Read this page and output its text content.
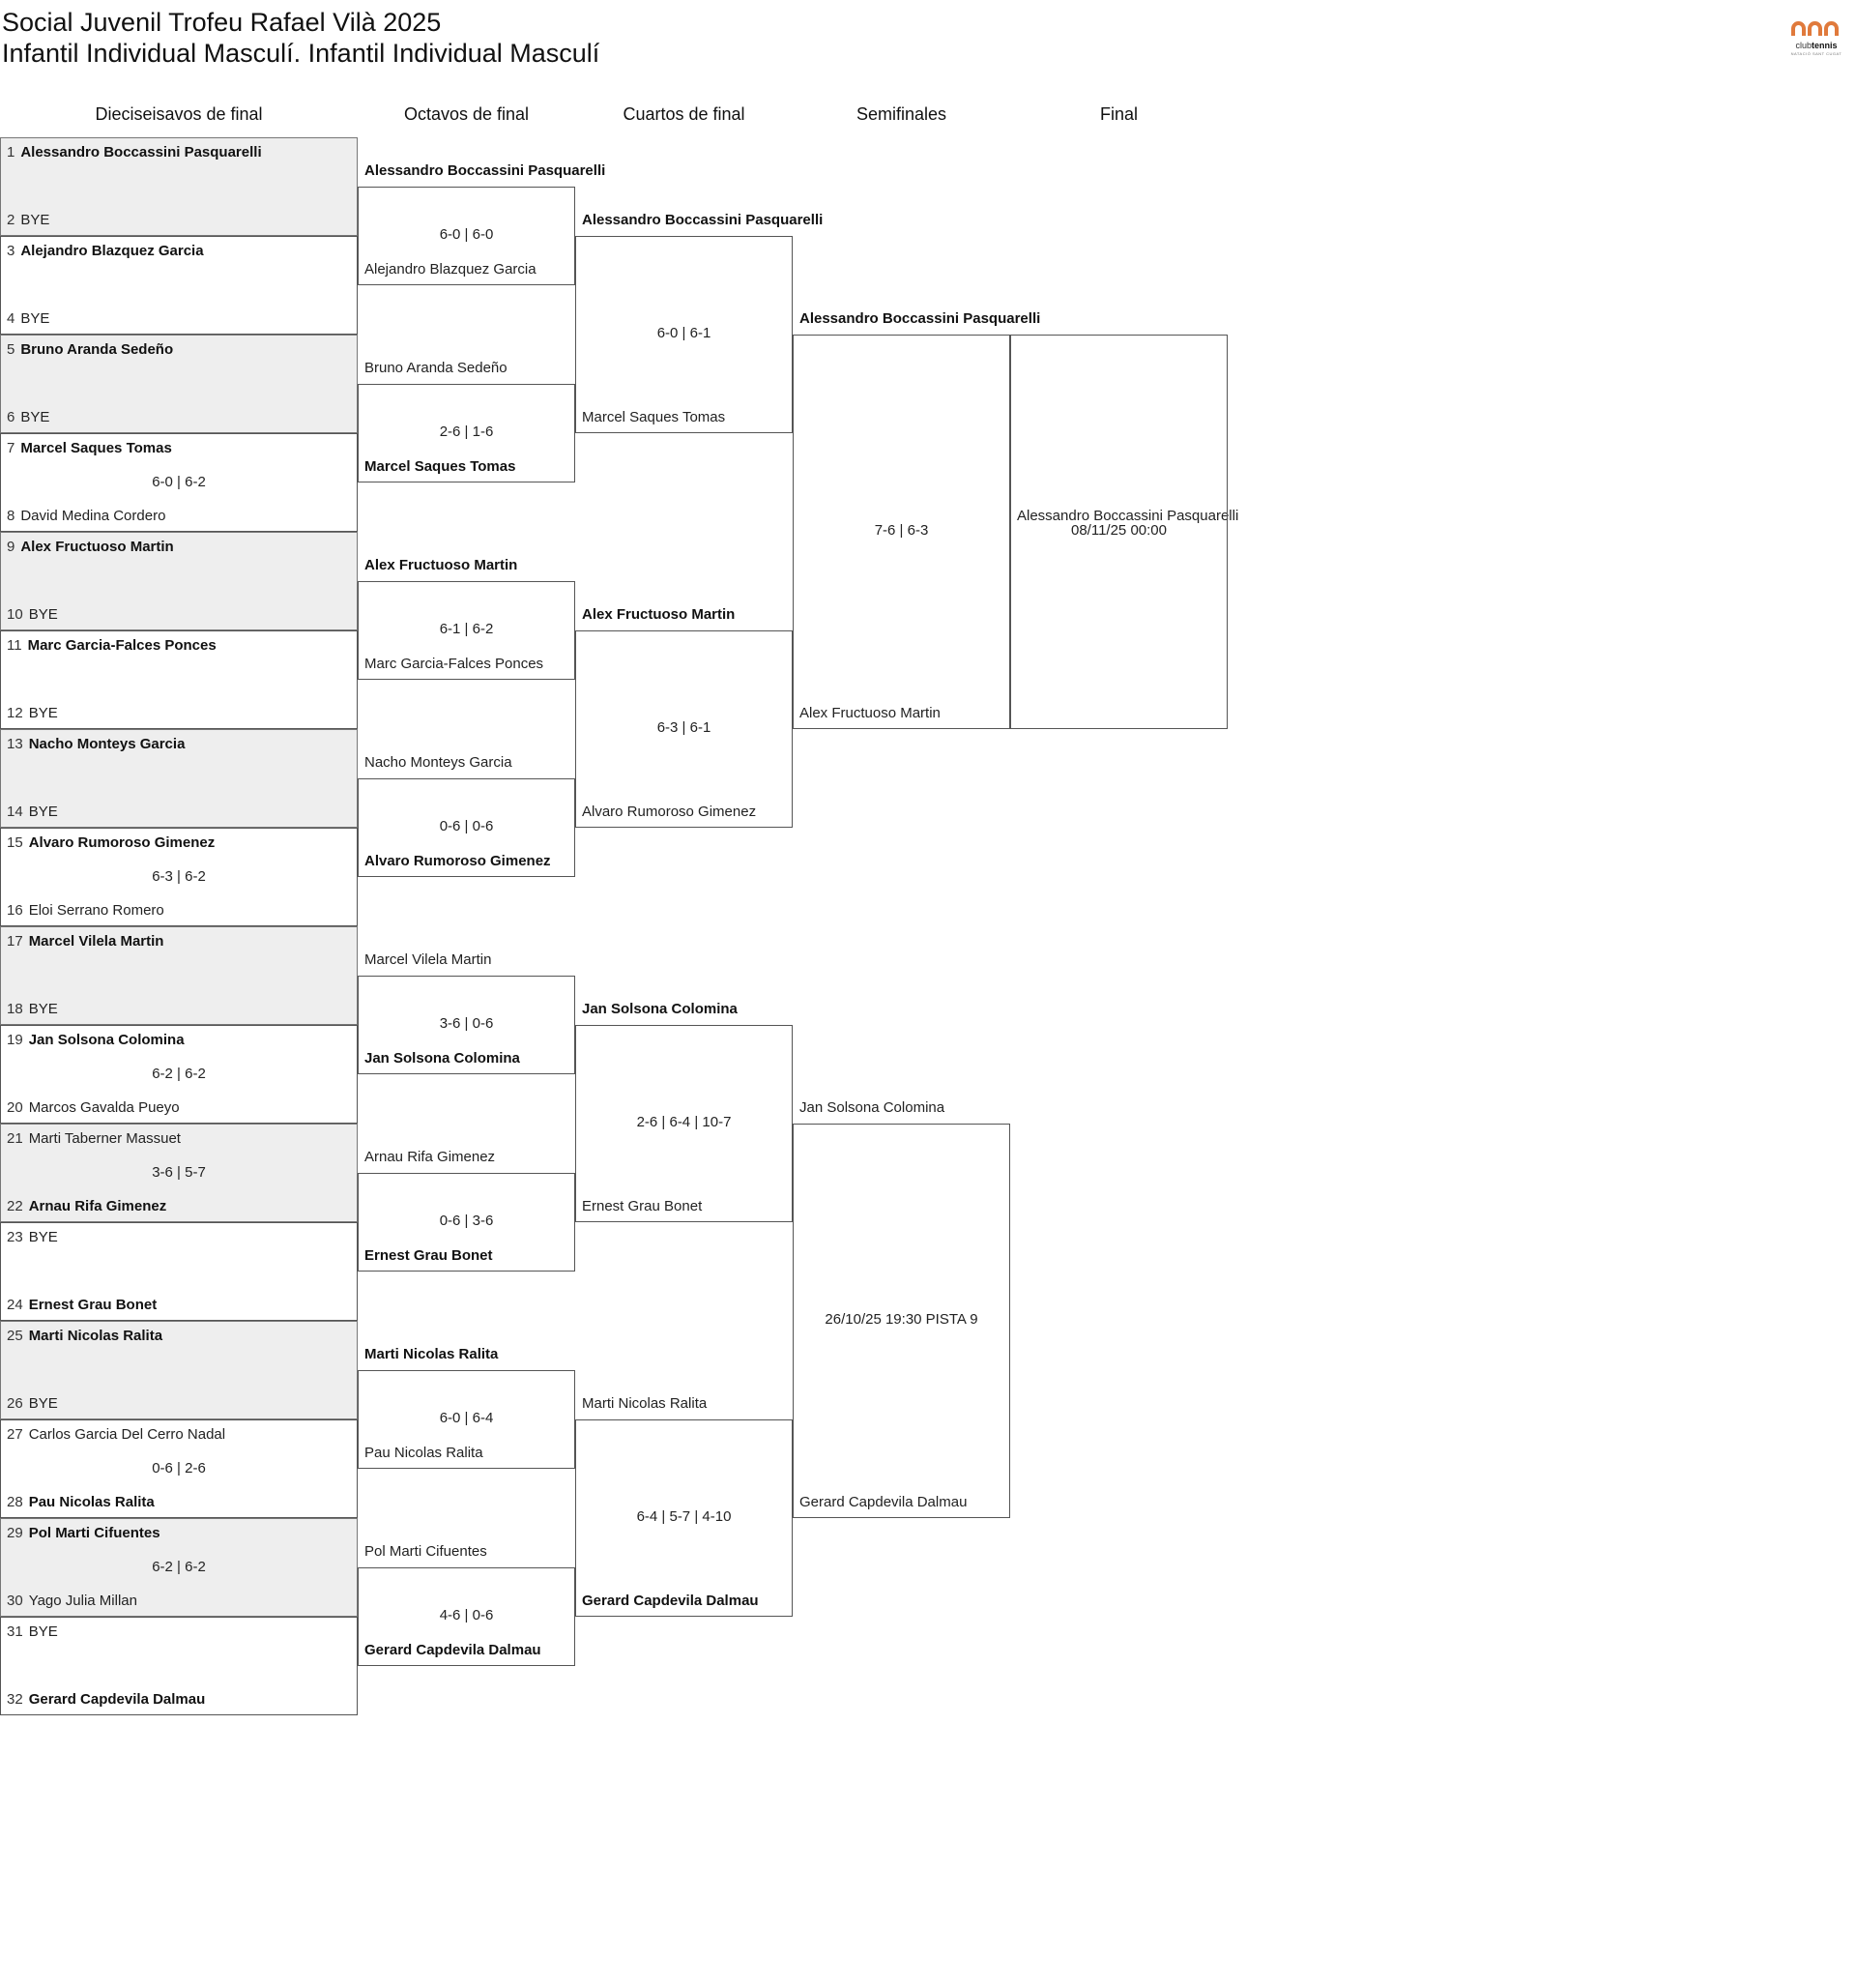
Social Juvenil Trofeu Rafael Vilà 2025
Infantil Individual Masculí. Infantil Individual Masculí	clubtennis
NATACIÓ SANT CUGAT
Dieciseisavos de final	Octavos de final	Cuartos de final	Semifinales	Final
1 Alessandro Boccassini Pasquarelli
2 BYE
3 Alejandro Blazquez Garcia
4 BYE
5 Bruno Aranda Sedeño
6 BYE
7 Marcel Saques Tomas
8 David Medina Cordero
6-0 | 6-2
9 Alex Fructuoso Martin
10 BYE
11 Marc Garcia-Falces Ponces
12 BYE
13 Nacho Monteys Garcia
14 BYE
15 Alvaro Rumoroso Gimenez
16 Eloi Serrano Romero
6-3 | 6-2
17 Marcel Vilela Martin
18 BYE
19 Jan Solsona Colomina
20 Marcos Gavalda Pueyo
6-2 | 6-2
21 Marti Taberner Massuet
22 Arnau Rifa Gimenez
3-6 | 5-7
23 BYE
24 Ernest Grau Bonet
25 Marti Nicolas Ralita
26 BYE
27 Carlos Garcia Del Cerro Nadal
28 Pau Nicolas Ralita
0-6 | 2-6
29 Pol Marti Cifuentes
30 Yago Julia Millan
6-2 | 6-2
31 BYE
32 Gerard Capdevila Dalmau
Alessandro Boccassini Pasquarelli
Alejandro Blazquez Garcia
Bruno Aranda Sedeño
Marcel Saques Tomas
Alex Fructuoso Martin
Marc Garcia-Falces Ponces
Nacho Monteys Garcia
Alvaro Rumoroso Gimenez
Marcel Vilela Martin
Jan Solsona Colomina
Arnau Rifa Gimenez
Ernest Grau Bonet
Marti Nicolas Ralita
Pau Nicolas Ralita
Pol Marti Cifuentes
Gerard Capdevila Dalmau
6-0 | 6-0
2-6 | 1-6
6-1 | 6-2
0-6 | 0-6
3-6 | 0-6
0-6 | 3-6
6-0 | 6-4
4-6 | 0-6
Alessandro Boccassini Pasquarelli
Marcel Saques Tomas
Alex Fructuoso Martin
Alvaro Rumoroso Gimenez
Jan Solsona Colomina
Ernest Grau Bonet
Marti Nicolas Ralita
Gerard Capdevila Dalmau
6-0 | 6-1
6-3 | 6-1
2-6 | 6-4 | 10-7
6-4 | 5-7 | 4-10
Alessandro Boccassini Pasquarelli
Alex Fructuoso Martin
Jan Solsona Colomina
Gerard Capdevila Dalmau
7-6 | 6-3
26/10/25 19:30 PISTA 9
Alessandro Boccassini Pasquarelli
08/11/25 00:00
